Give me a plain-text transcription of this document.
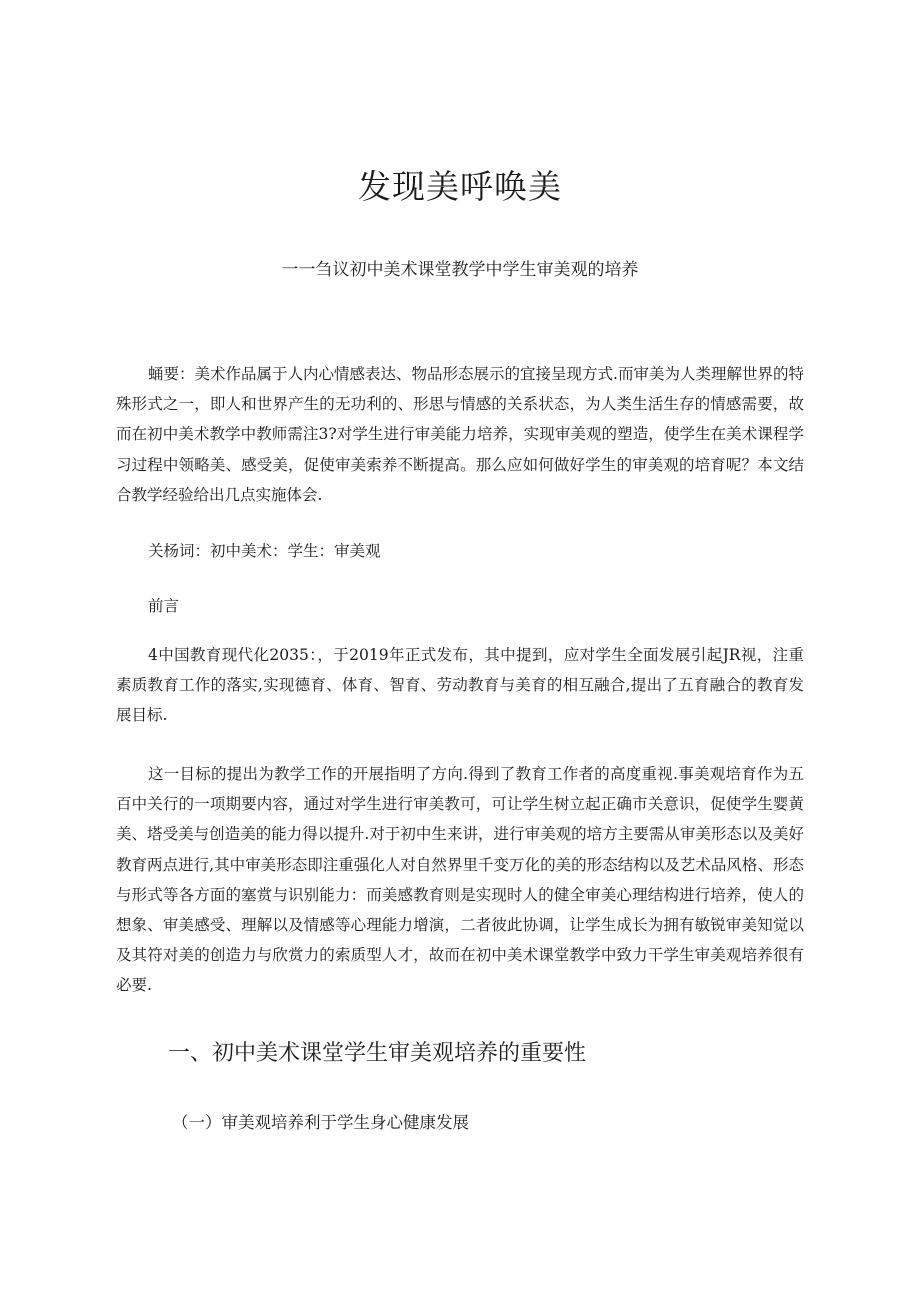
发现美呼唤美
一一刍议初中美术课堂教学中学生审美观的培养

蛹要：美术作品属于人内心情感表达、物品形态展示的宜接呈现方式.而审美为人类理解世界的特殊形式之一，即人和世界产生的无功利的、形思与情感的关系状态，为人类生活生存的情感需要，故而在初中美术教学中教师需注3?对学生进行审美能力培养，实现审美观的塑造，使学生在美术课程学习过程中领略美、感受美，促使审美索养不断提高。那么应如何做好学生的审美观的培育呢？本文结合教学经验给出几点实施体会.

关杨词：初中美术：学生：审美观

前言

4中国教育现代化2035：，于2019年正式发布，其中提到，应对学生全面发展引起JR视，注重素质教育工作的落实,实现德育、体育、智育、劳动教育与美育的相互融合,提出了五育融合的教育发展目标.

这一目标的提出为教学工作的开展指明了方向.得到了教育工作者的高度重视.事美观培育作为五百中关行的一项期要内容，通过对学生进行审美教可，可让学生树立起正确市关意识，促使学生婴黄美、塔受美与创造美的能力得以提升.对于初中生来讲，进行审美观的培方主要需从审美形态以及美好教育两点进行,其中审美形态即注重强化人对自然界里千变万化的美的形态结构以及艺术品风格、形态与形式等各方面的塞赏与识别能力：而美感教育则是实现时人的健全审美心理结构进行培养，使人的想象、审美感受、理解以及情感等心理能力增演，二者彼此协调，让学生成长为拥有敏锐审美知觉以及其符对美的创造力与欣赏力的索质型人才，故而在初中美术课堂教学中致力干学生审美观培养很有必要.

一、初中美术课堂学生审美观培养的重要性
（一）审美观培养利于学生身心健康发展
